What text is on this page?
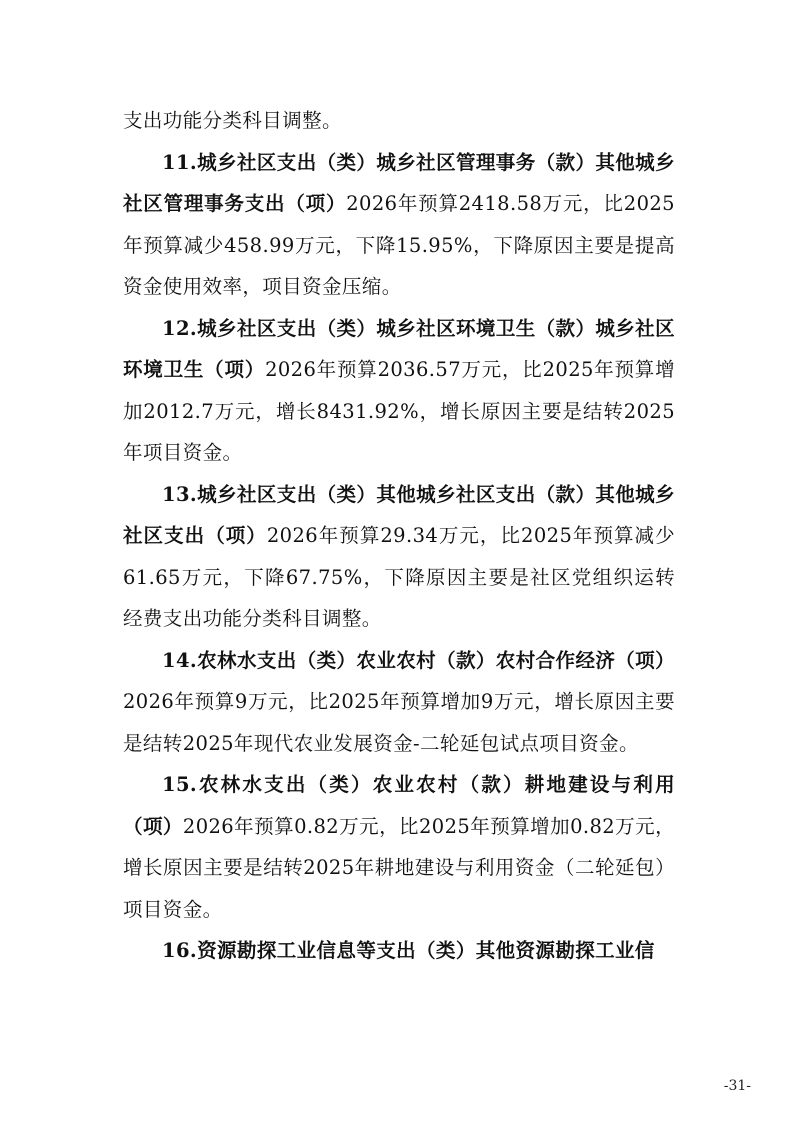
支出功能分类科目调整。

11.城乡社区支出（类）城乡社区管理事务（款）其他城乡社区管理事务支出（项）2026年预算2418.58万元，比2025年预算减少458.99万元，下降15.95%，下降原因主要是提高资金使用效率，项目资金压缩。

12.城乡社区支出（类）城乡社区环境卫生（款）城乡社区环境卫生（项）2026年预算2036.57万元，比2025年预算增加2012.7万元，增长8431.92%，增长原因主要是结转2025年项目资金。

13.城乡社区支出（类）其他城乡社区支出（款）其他城乡社区支出（项）2026年预算29.34万元，比2025年预算减少61.65万元，下降67.75%，下降原因主要是社区党组织运转经费支出功能分类科目调整。

14.农林水支出（类）农业农村（款）农村合作经济（项）2026年预算9万元，比2025年预算增加9万元，增长原因主要是结转2025年现代农业发展资金-二轮延包试点项目资金。

15.农林水支出（类）农业农村（款）耕地建设与利用（项）2026年预算0.82万元，比2025年预算增加0.82万元，增长原因主要是结转2025年耕地建设与利用资金（二轮延包）项目资金。

16.资源勘探工业信息等支出（类）其他资源勘探工业信

-31-
